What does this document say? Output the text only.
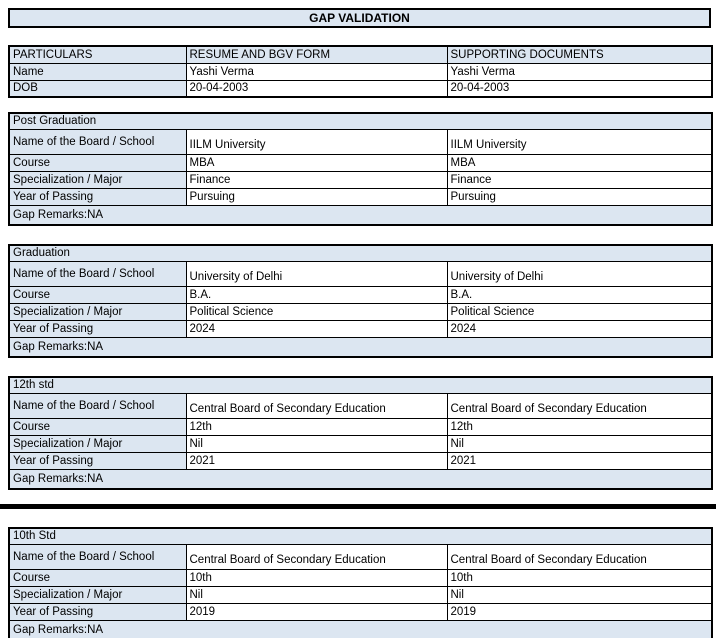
GAP VALIDATION
PARTICULARS	RESUME AND BGV FORM	SUPPORTING DOCUMENTS
Name	Yashi Verma	Yashi Verma
DOB	20-04-2003	20-04-2003
Post Graduation		
Name of the Board / School	IILM University	IILM University
Course	MBA	MBA
Specialization / Major	Finance	Finance
Year of Passing	Pursuing	Pursuing
Gap Remarks:NA		
Graduation		
Name of the Board / School	University of Delhi	University of Delhi
Course	B.A.	B.A.
Specialization / Major	Political Science	Political Science
Year of Passing	2024	2024
Gap Remarks:NA		
12th std		
Name of the Board / School	Central Board of Secondary Education	Central Board of Secondary Education
Course	12th	12th
Specialization / Major	Nil	Nil
Year of Passing	2021	2021
Gap Remarks:NA		
10th Std		
Name of the Board / School	Central Board of Secondary Education	Central Board of Secondary Education
Course	10th	10th
Specialization / Major	Nil	Nil
Year of Passing	2019	2019
Gap Remarks:NA		
